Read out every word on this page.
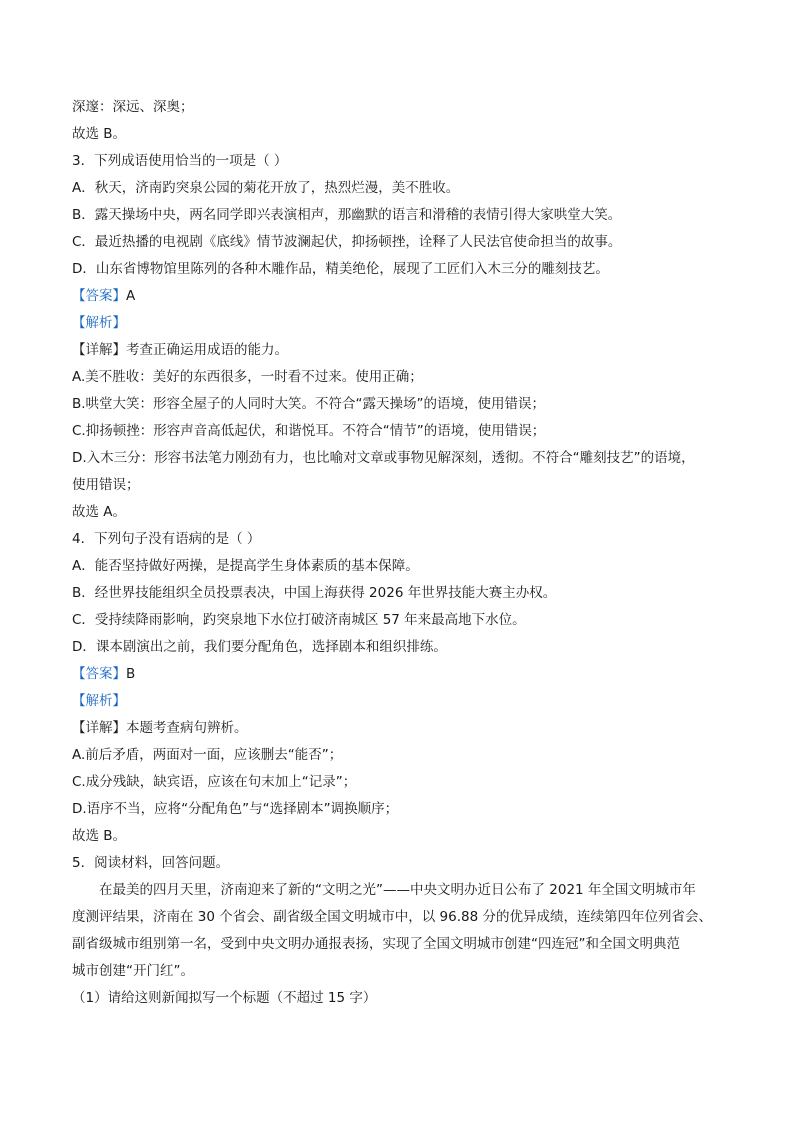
深邃：深远、深奥；
故选 B。
3．下列成语使用恰当的一项是（ ）
A．秋天，济南趵突泉公园的菊花开放了，热烈烂漫，美不胜收。
B．露天操场中央，两名同学即兴表演相声，那幽默的语言和滑稽的表情引得大家哄堂大笑。
C．最近热播的电视剧《底线》情节波澜起伏，抑扬顿挫，诠释了人民法官使命担当的故事。
D．山东省博物馆里陈列的各种木雕作品，精美绝伦，展现了工匠们入木三分的雕刻技艺。
【答案】A
【解析】
【详解】考查正确运用成语的能力。
A.美不胜收：美好的东西很多，一时看不过来。使用正确；
B.哄堂大笑：形容全屋子的人同时大笑。不符合“露天操场”的语境，使用错误；
C.抑扬顿挫：形容声音高低起伏，和谐悦耳。不符合“情节”的语境，使用错误；
D.入木三分：形容书法笔力刚劲有力，也比喻对文章或事物见解深刻，透彻。不符合“雕刻技艺”的语境，
使用错误；
故选 A。
4．下列句子没有语病的是（ ）
A．能否坚持做好两操，是提高学生身体素质的基本保障。
B．经世界技能组织全员投票表决，中国上海获得 2026 年世界技能大赛主办权。
C．受持续降雨影响，趵突泉地下水位打破济南城区 57 年来最高地下水位。
D．课本剧演出之前，我们要分配角色，选择剧本和组织排练。
【答案】B
【解析】
【详解】本题考查病句辨析。
A.前后矛盾，两面对一面，应该删去“能否”；
C.成分残缺，缺宾语，应该在句末加上“记录”；
D.语序不当，应将“分配角色”与“选择剧本”调换顺序；
故选 B。
5．阅读材料，回答问题。
在最美的四月天里，济南迎来了新的“文明之光”——中央文明办近日公布了 2021 年全国文明城市年
度测评结果，济南在 30 个省会、副省级全国文明城市中，以 96.88 分的优异成绩，连续第四年位列省会、
副省级城市组别第一名，受到中央文明办通报表扬，实现了全国文明城市创建“四连冠”和全国文明典范
城市创建“开门红”。
（1）请给这则新闻拟写一个标题（不超过 15 字）
